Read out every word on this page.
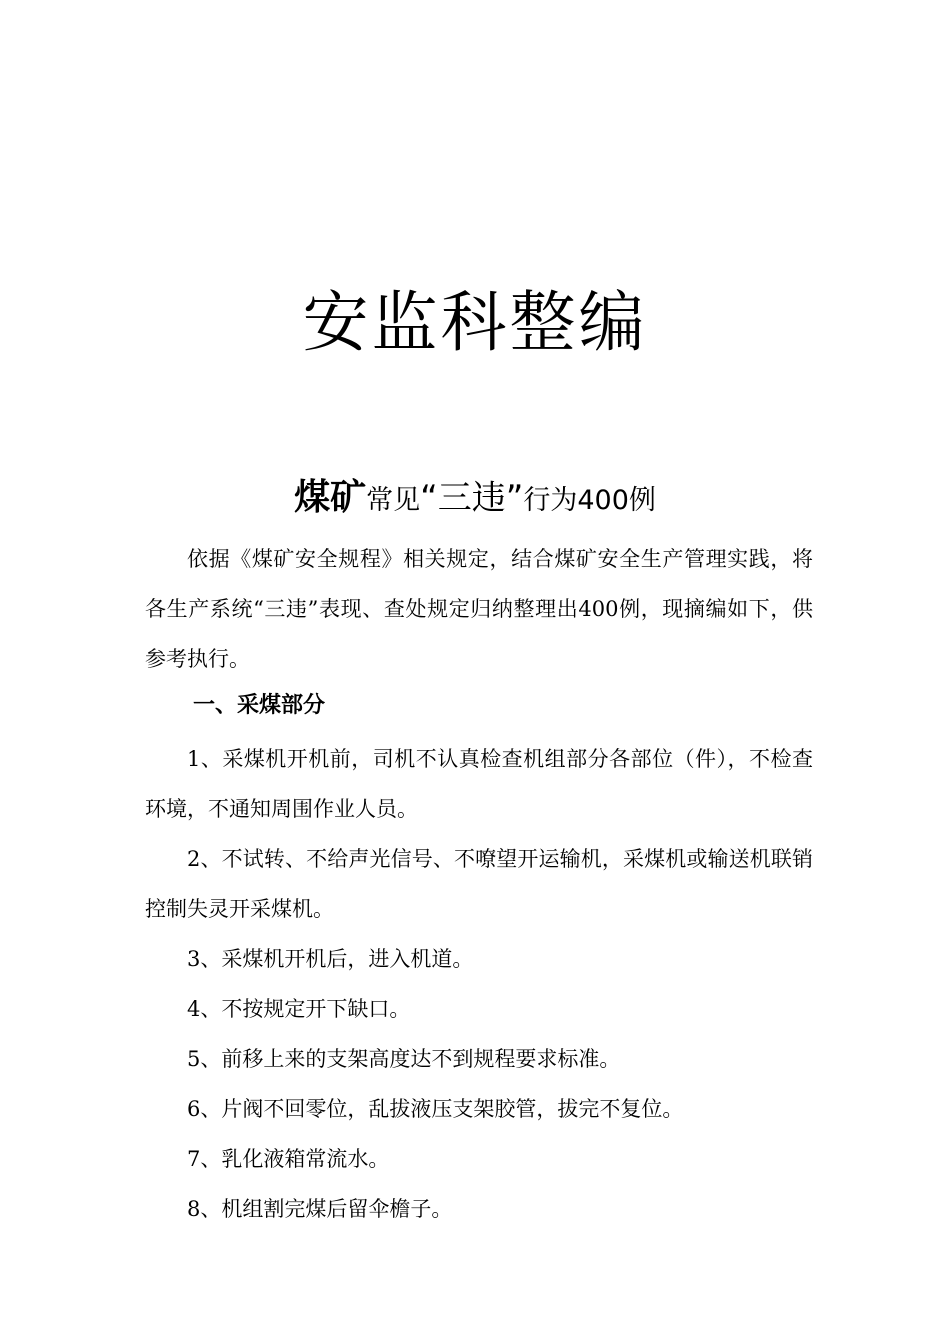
安监科整编
煤矿常见“三违”行为400例

依据《煤矿安全规程》相关规定，结合煤矿安全生产管理实践，将各生产系统“三违”表现、查处规定归纳整理出400例，现摘编如下，供参考执行。

一、采煤部分

1、采煤机开机前，司机不认真检查机组部分各部位（件），不检查环境，不通知周围作业人员。

2、不试转、不给声光信号、不嘹望开运输机，采煤机或输送机联销控制失灵开采煤机。

3、采煤机开机后，进入机道。

4、不按规定开下缺口。

5、前移上来的支架高度达不到规程要求标准。

6、片阀不回零位，乱拔液压支架胶管，拔完不复位。

7、乳化液箱常流水。

8、机组割完煤后留伞檐子。
